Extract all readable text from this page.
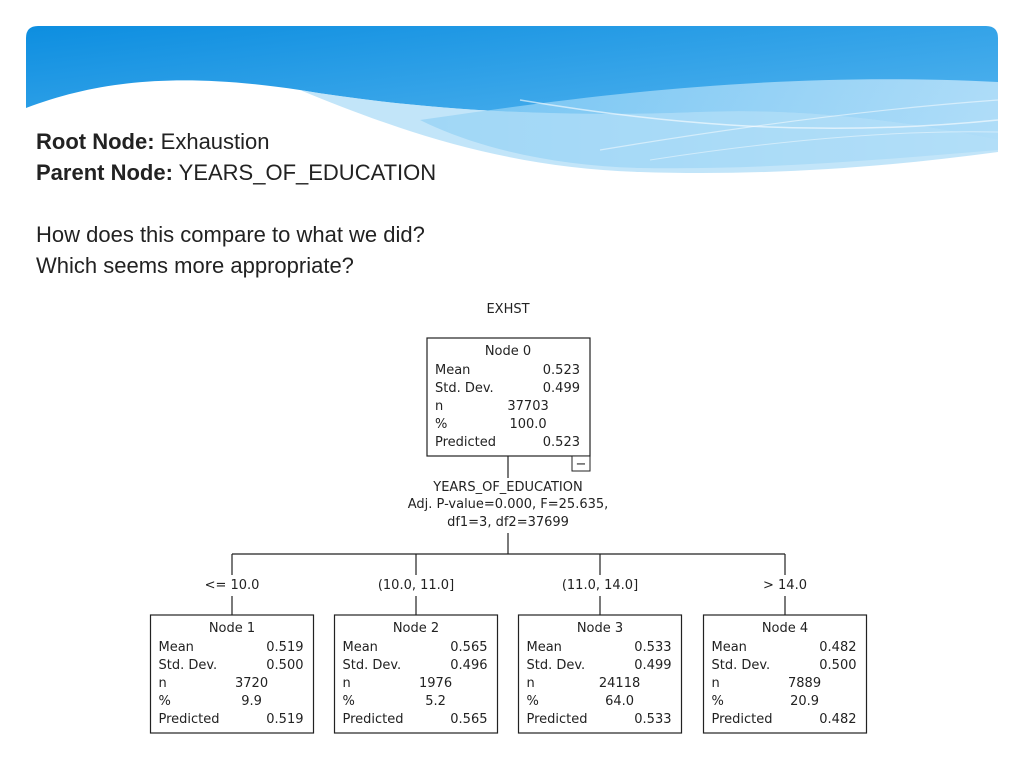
Root Node: Exhaustion
Parent Node: YEARS_OF_EDUCATION
How does this compare to what we did?
Which seems more appropriate?
EXHST
Node 0
Mean	0.523
Std. Dev.	0.499
n	37703
%	100.0
Predicted	0.523
−
YEARS_OF_EDUCATION
Adj. P-value=0.000, F=25.635,
df1=3, df2=37699
<= 10.0
Node 1
Mean	0.519
Std. Dev.	0.500
n	3720
%	9.9
Predicted	0.519
(10.0, 11.0]
Node 2
Mean	0.565
Std. Dev.	0.496
n	1976
%	5.2
Predicted	0.565
(11.0, 14.0]
Node 3
Mean	0.533
Std. Dev.	0.499
n	24118
%	64.0
Predicted	0.533
> 14.0
Node 4
Mean	0.482
Std. Dev.	0.500
n	7889
%	20.9
Predicted	0.482
